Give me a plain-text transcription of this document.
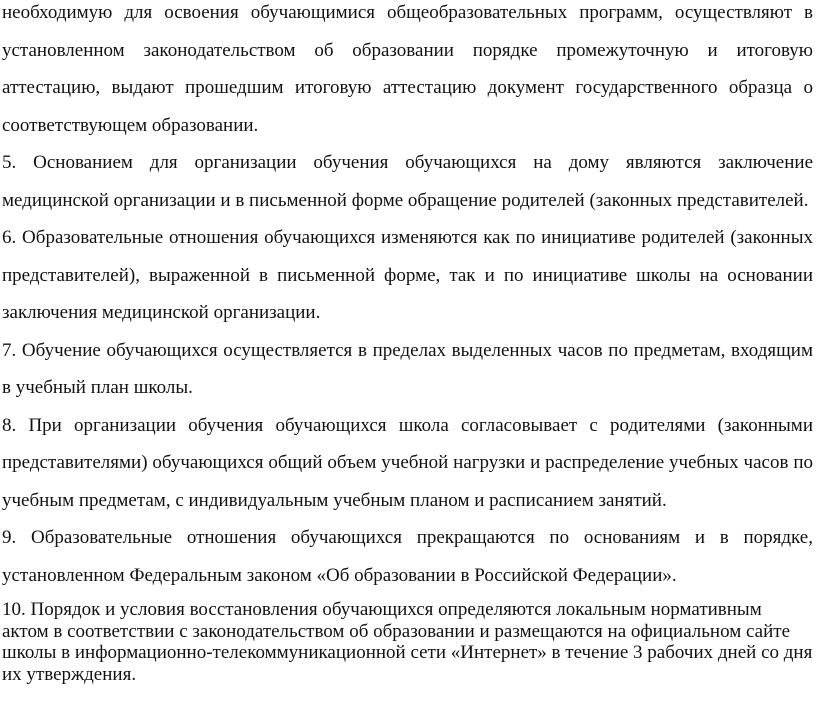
необходимую для освоения обучающимися общеобразовательных программ, осуществляют в установленном законодательством об образовании порядке промежуточную и итоговую аттестацию, выдают прошедшим итоговую аттестацию документ государственного образца о соответствующем образовании.

5. Основанием для организации обучения обучающихся на дому являются заключение медицинской организации и в письменной форме обращение родителей (законных представителей.

6. Образовательные отношения обучающихся изменяются как по инициативе родителей (законных представителей), выраженной в письменной форме, так и по инициативе школы на основании заключения медицинской организации.

7. Обучение обучающихся осуществляется в пределах выделенных часов по предметам, входящим в учебный план школы.

8. При организации обучения обучающихся школа согласовывает с родителями (законными представителями) обучающихся общий объем учебной нагрузки и распределение учебных часов по учебным предметам, с индивидуальным учебным планом и расписанием занятий.

9. Образовательные отношения обучающихся прекращаются по основаниям и в порядке, установленном Федеральным законом «Об образовании в Российской Федерации».

10. Порядок и условия восстановления обучающихся определяются локальным нормативным актом в соответствии с законодательством об образовании и размещаются на официальном сайте школы в информационно-телекоммуникационной сети «Интернет» в течение 3 рабочих дней со дня их утверждения.
